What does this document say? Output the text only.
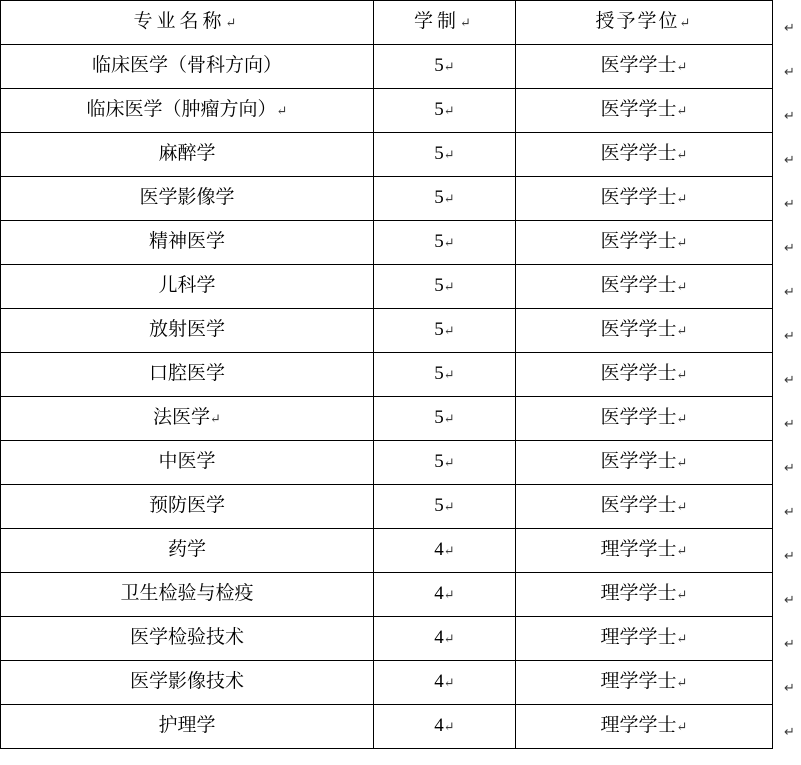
专业名称↵	学制↵	授予学位↵
临床医学（骨科方向）	5↵	医学学士↵
临床医学（肿瘤方向）↵	5↵	医学学士↵
麻醉学	5↵	医学学士↵
医学影像学	5↵	医学学士↵
精神医学	5↵	医学学士↵
儿科学	5↵	医学学士↵
放射医学	5↵	医学学士↵
口腔医学	5↵	医学学士↵
法医学↵	5↵	医学学士↵
中医学	5↵	医学学士↵
预防医学	5↵	医学学士↵
药学	4↵	理学学士↵
卫生检验与检疫	4↵	理学学士↵
医学检验技术	4↵	理学学士↵
医学影像技术	4↵	理学学士↵
护理学	4↵	理学学士↵
↵
↵
↵
↵
↵
↵
↵
↵
↵
↵
↵
↵
↵
↵
↵
↵
↵
